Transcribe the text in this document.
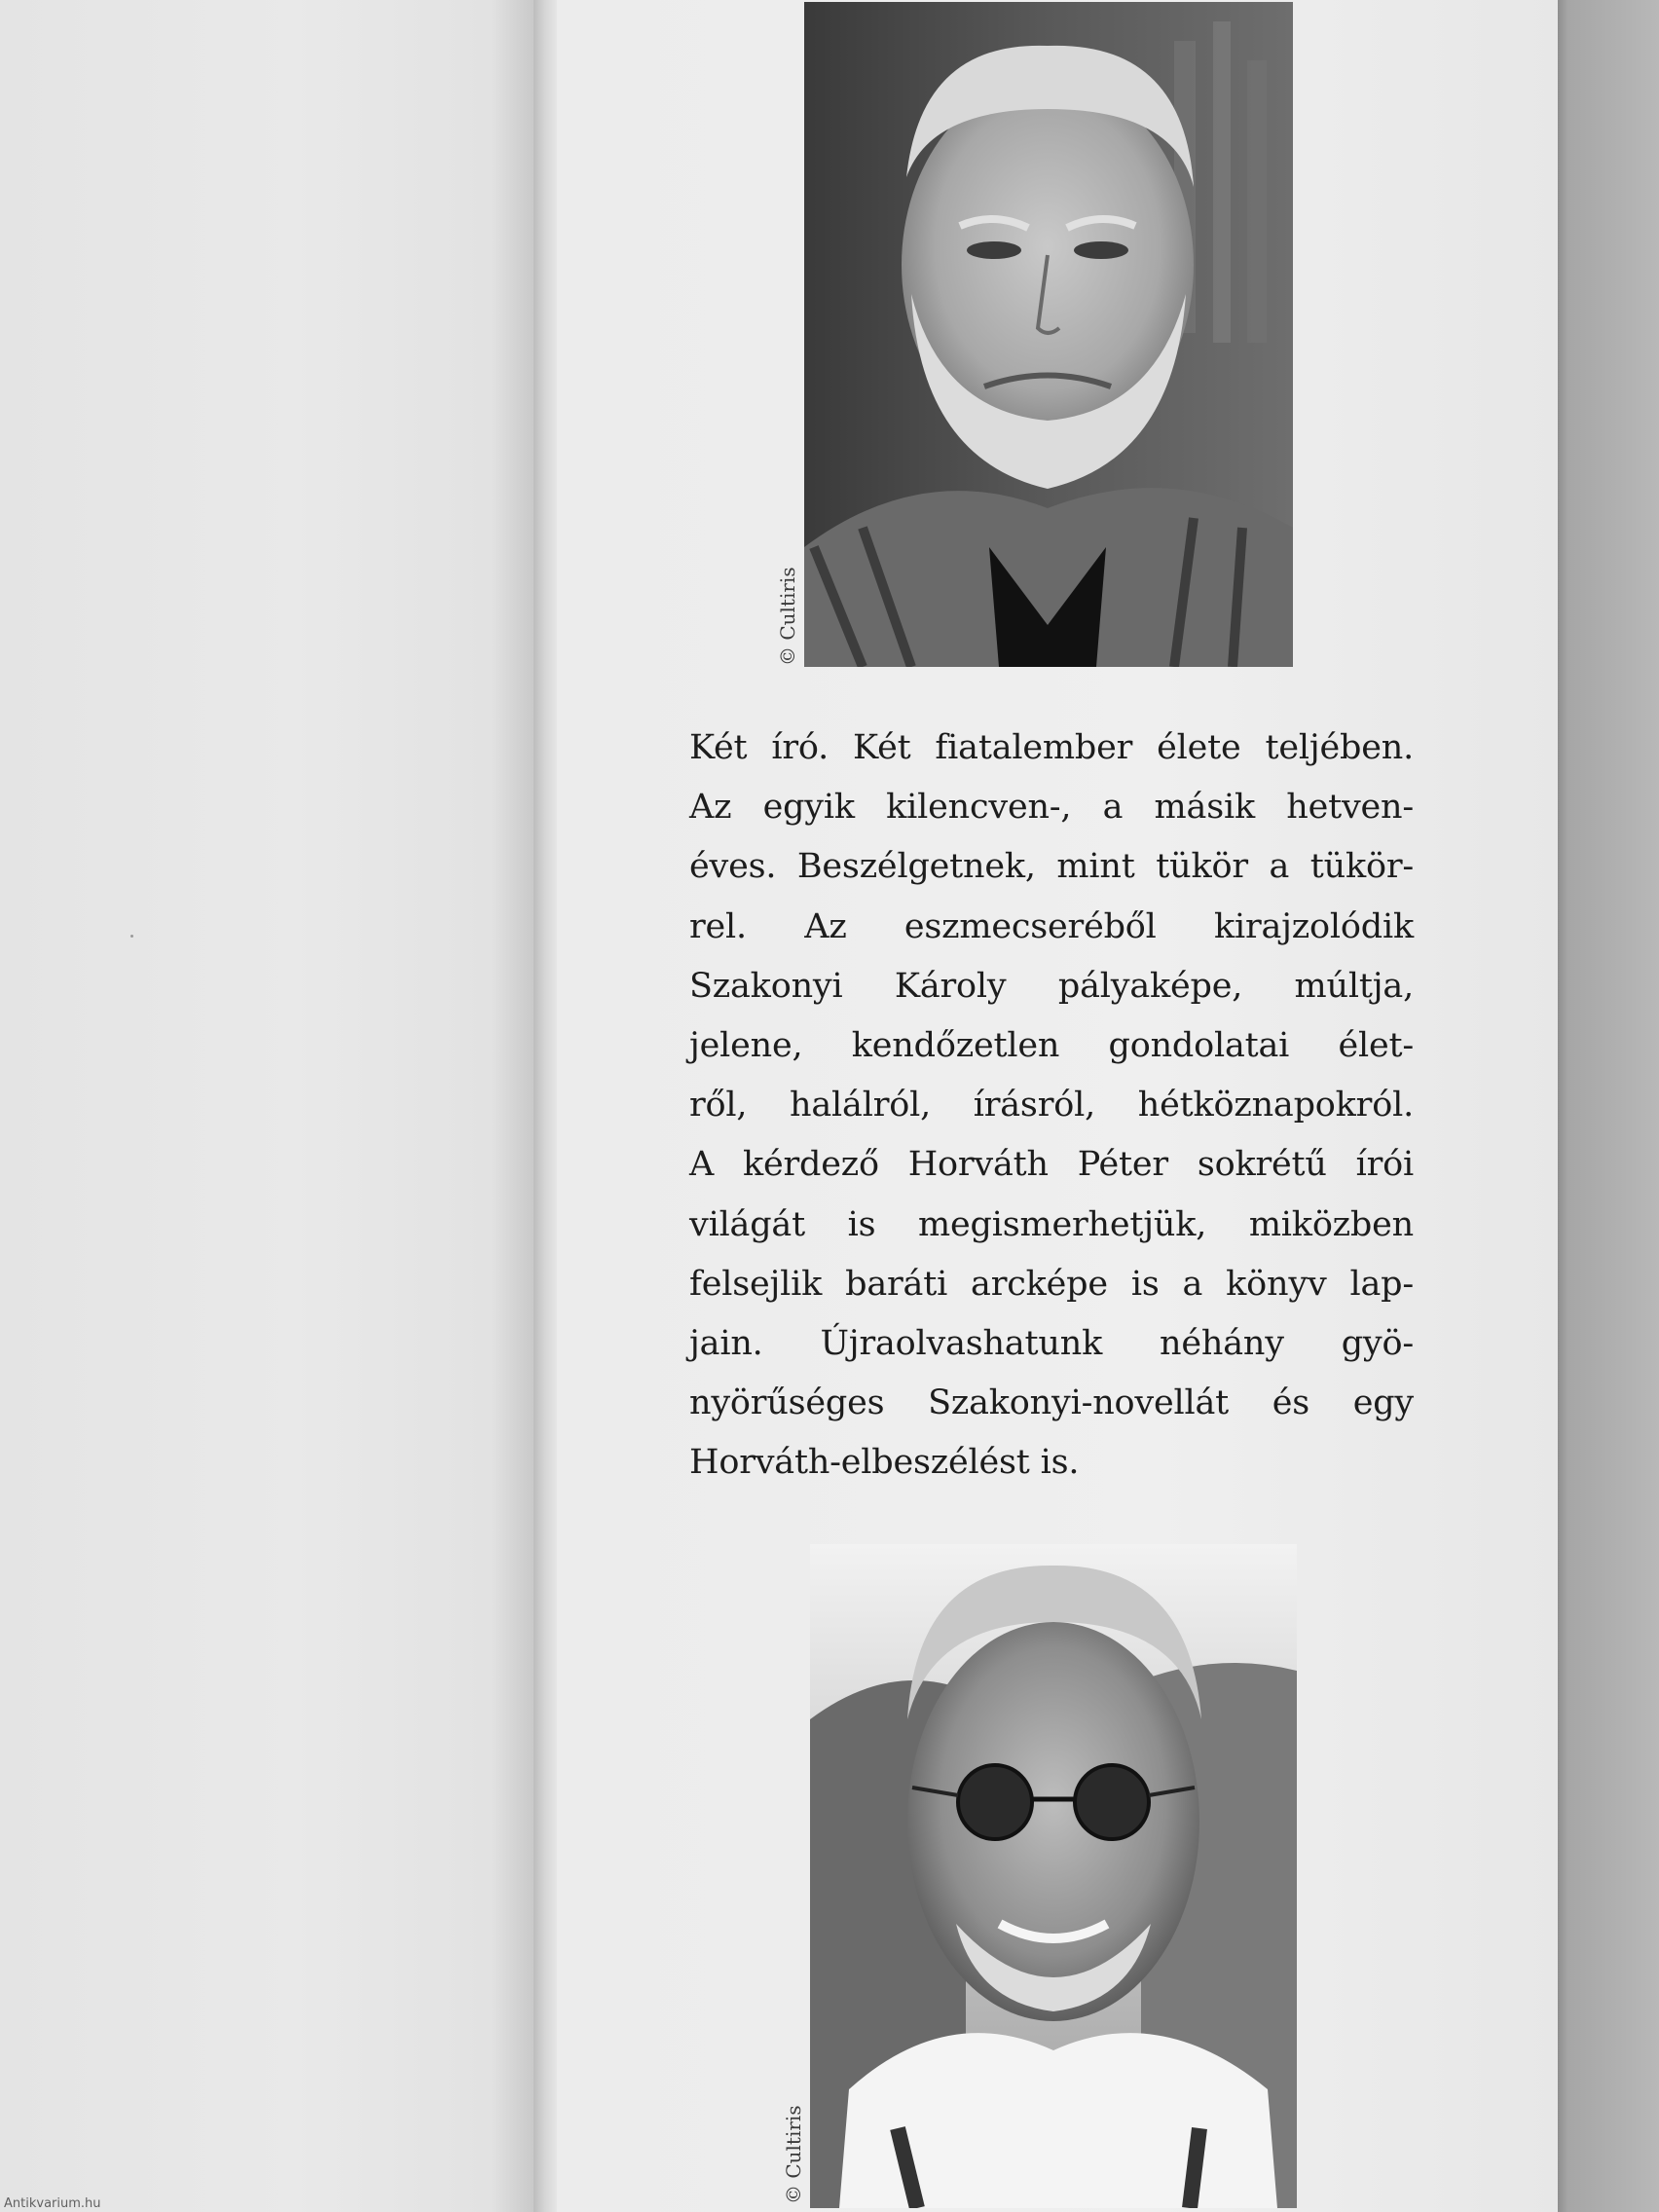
© Cultiris
Két író. Két fiatalember élete teljében.
Az egyik kilencven-, a másik hetven-
éves. Beszélgetnek, mint tükör a tükör-
rel. Az eszmecseréből kirajzolódik
Szakonyi Károly pályaképe, múltja,
jelene, kendőzetlen gondolatai élet-
ről, halálról, írásról, hétköznapokról.
A kérdező Horváth Péter sokrétű írói
világát is megismerhetjük, miközben
felsejlik baráti arcképe is a könyv lap-
jain. Újraolvashatunk néhány gyö-
nyörűséges Szakonyi-novellát és egy
Horváth-elbeszélést is.
© Cultiris
Antikvarium.hu
